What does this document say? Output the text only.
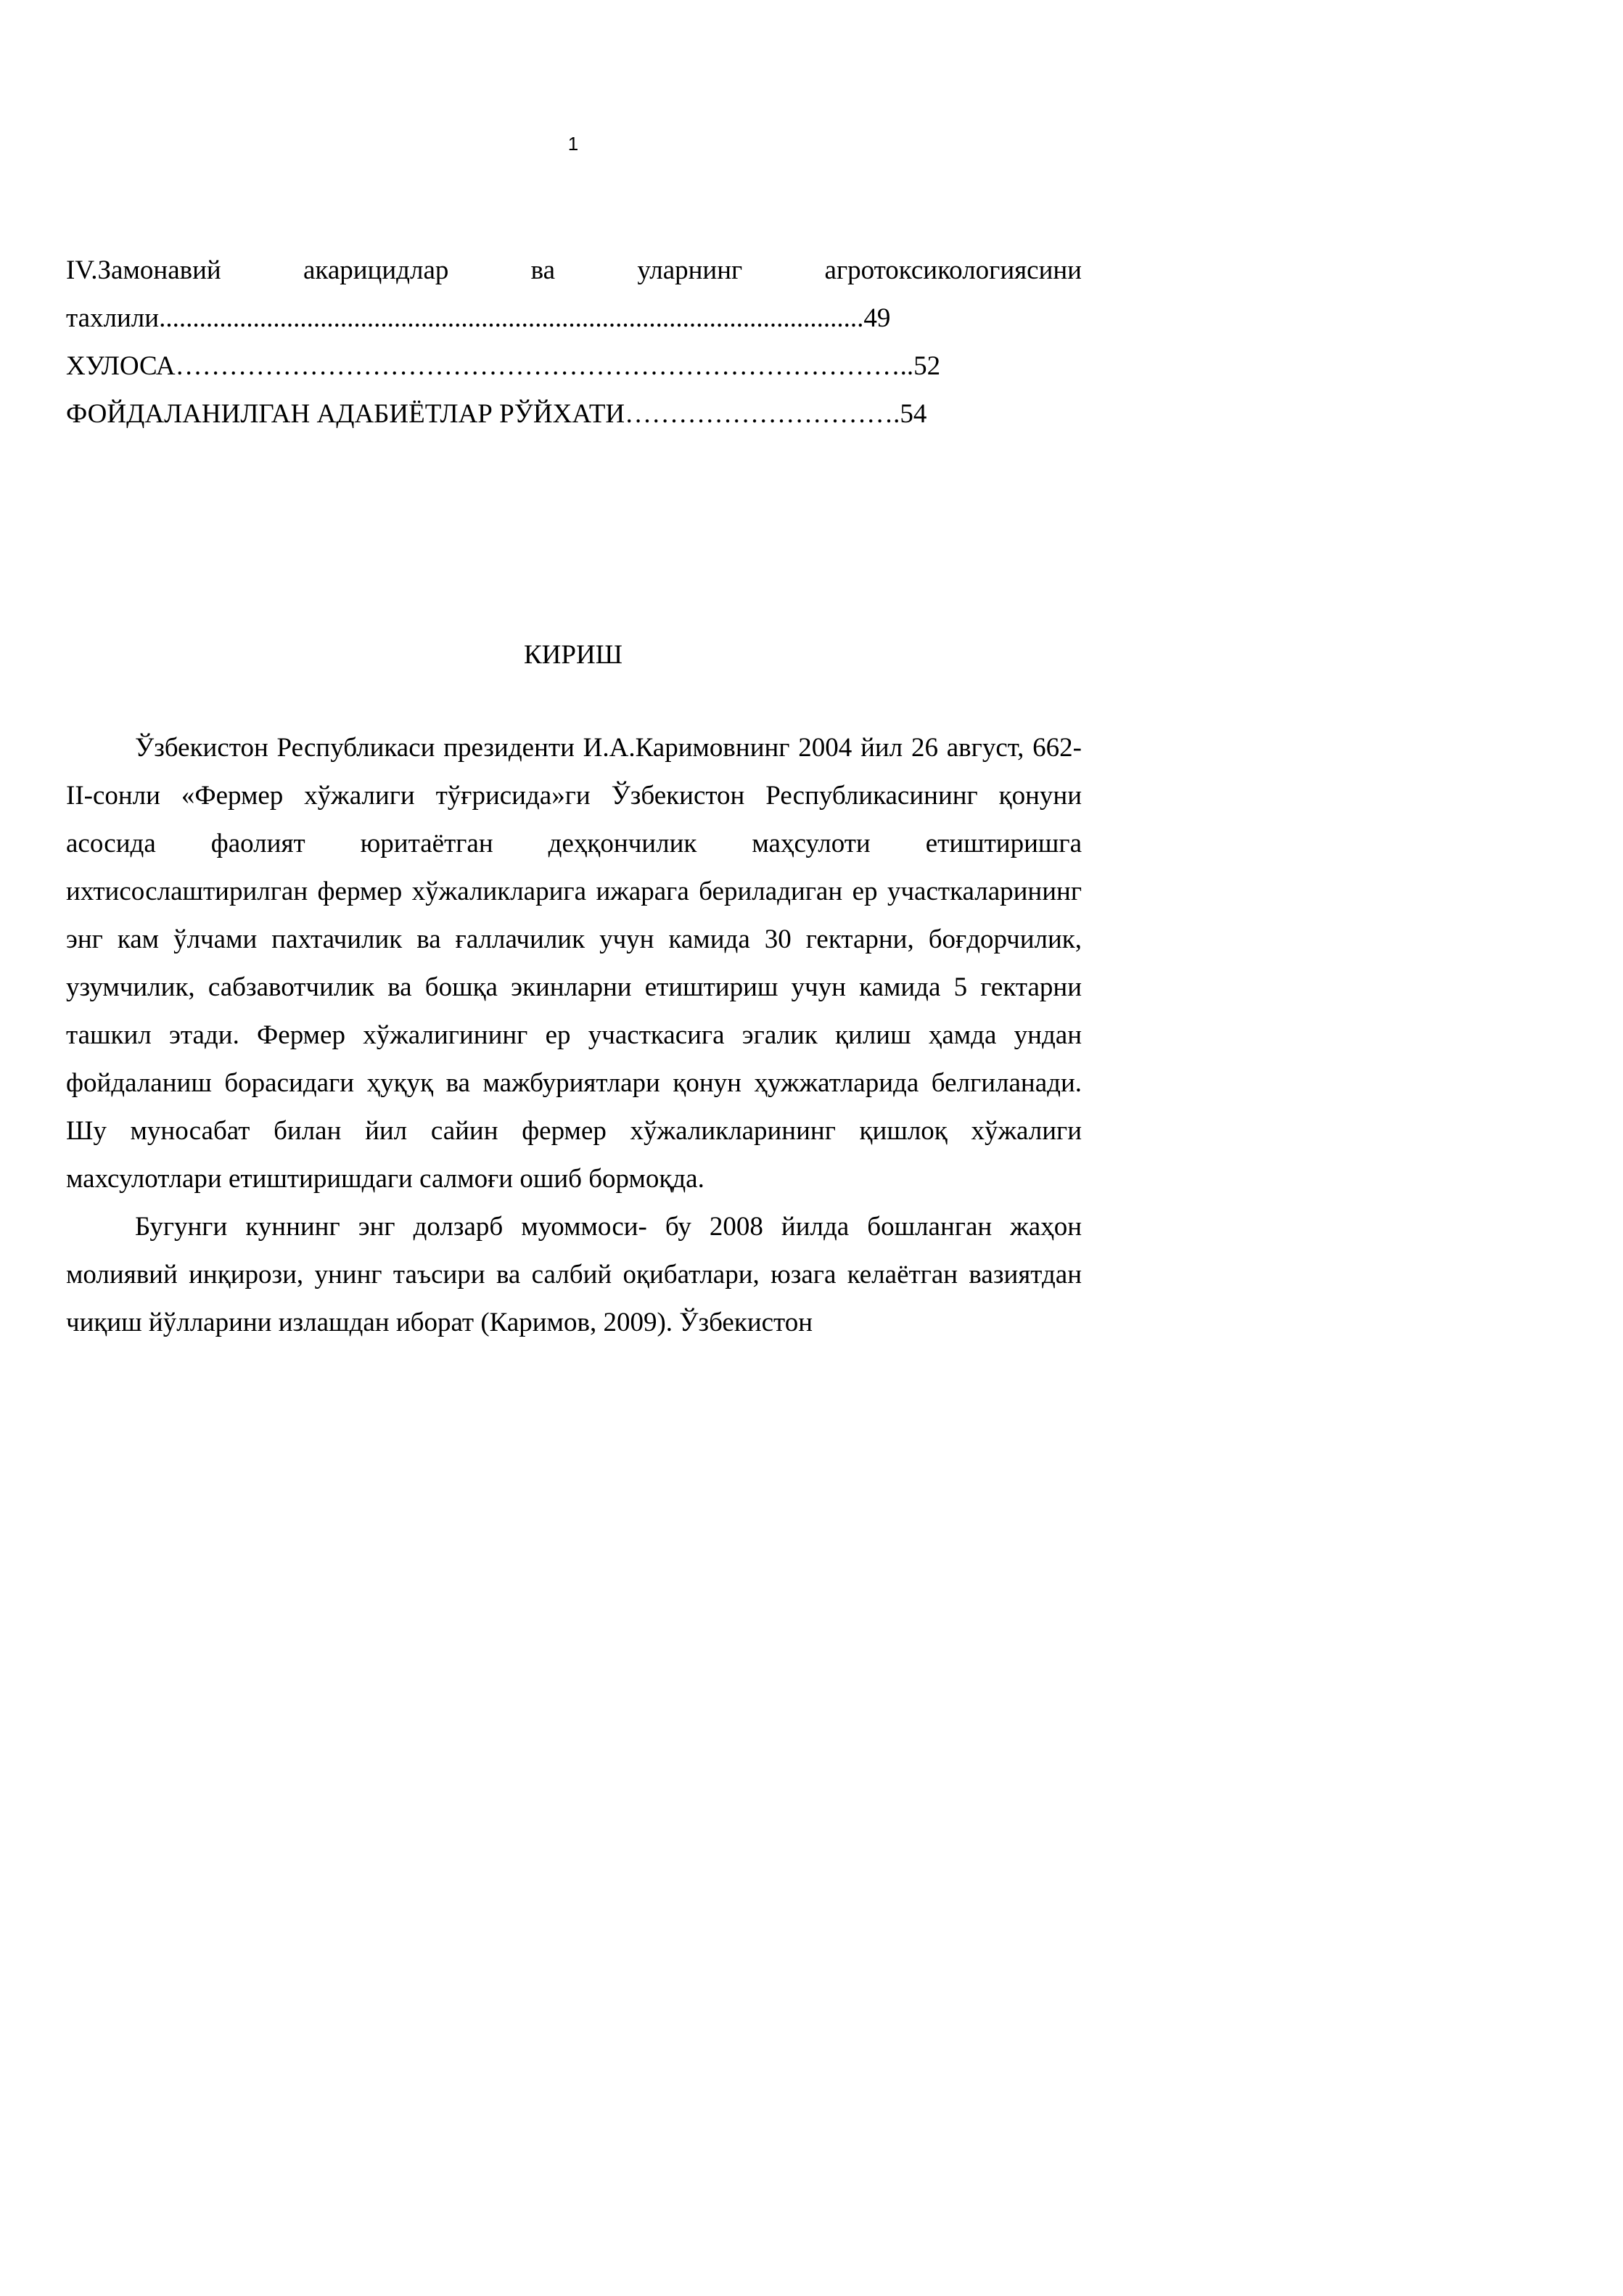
1
IV.Замонавий	акарицидлар	ва	уларнинг	агротоксикологиясини
тахлили.........................................................................................................49
ХУЛОСА………………………………………………………………………..52
ФОЙДАЛАНИЛГАН АДАБИЁТЛАР РЎЙХАТИ………………………….54
КИРИШ

Ўзбекистон Республикаси президенти И.А.Каримовнинг 2004 йил 26 август, 662-II-сонли «Фермер хўжалиги тўғрисида»ги Ўзбекистон Республикасининг қонуни асосида фаолият юритаётган деҳқончилик маҳсулоти етиштиришга ихтисослаштирилган фермер хўжаликларига ижарага бериладиган ер участкаларининг энг кам ўлчами пахтачилик ва ғаллачилик учун камида 30 гектарни, боғдорчилик, узумчилик, сабзавотчилик ва бошқа экинларни етиштириш учун камида 5 гектарни ташкил этади. Фермер хўжалигининг ер участкасига эгалик қилиш ҳамда ундан фойдаланиш борасидаги ҳуқуқ ва мажбуриятлари қонун ҳужжатларида белгиланади. Шу муносабат билан йил сайин фермер хўжаликларининг қишлоқ хўжалиги махсулотлари етиштиришдаги салмоғи ошиб бормоқда.

Бугунги куннинг энг долзарб муоммоси- бу 2008 йилда бошланган жаҳон молиявий инқирози, унинг таъсири ва салбий оқибатлари, юзага келаётган вазиятдан чиқиш йўлларини излашдан иборат (Каримов, 2009). Ўзбекистон
